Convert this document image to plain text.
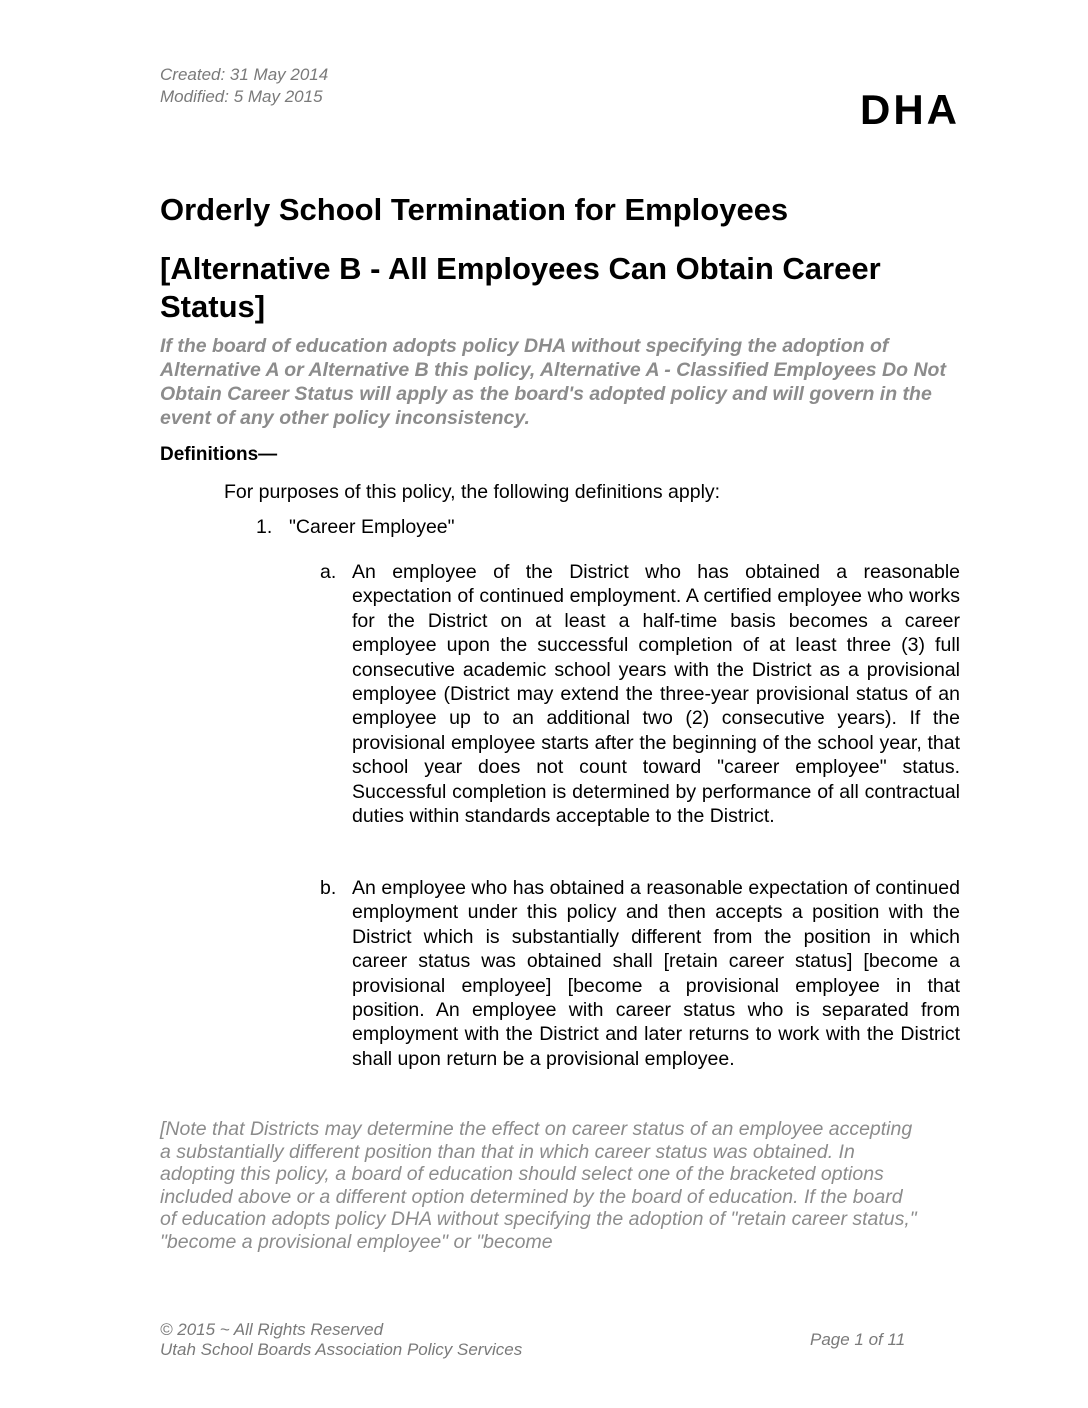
Created: 31 May 2014
Modified: 5 May 2015	DHA
Orderly School Termination for Employees
[Alternative B - All Employees Can Obtain Career Status]

If the board of education adopts policy DHA without specifying the adoption of Alternative A or Alternative B this policy, Alternative A - Classified Employees Do Not Obtain Career Status will apply as the board's adopted policy and will govern in the event of any other policy inconsistency.

Definitions—
For purposes of this policy, the following definitions apply:
1. "Career Employee"
a. An employee of the District who has obtained a reasonable expectation of continued employment. A certified employee who works for the District on at least a half-time basis becomes a career employee upon the successful completion of at least three (3) full consecutive academic school years with the District as a provisional employee (District may extend the three-year provisional status of an employee up to an additional two (2) consecutive years). If the provisional employee starts after the beginning of the school year, that school year does not count toward "career employee" status. Successful completion is determined by performance of all contractual duties within standards acceptable to the District.
b. An employee who has obtained a reasonable expectation of continued employment under this policy and then accepts a position with the District which is substantially different from the position in which career status was obtained shall [retain career status] [become a provisional employee] [become a provisional employee in that position. An employee with career status who is separated from employment with the District and later returns to work with the District shall upon return be a provisional employee.

[Note that Districts may determine the effect on career status of an employee accepting a substantially different position than that in which career status was obtained. In adopting this policy, a board of education should select one of the bracketed options included above or a different option determined by the board of education. If the board of education adopts policy DHA without specifying the adoption of "retain career status," "become a provisional employee" or "become

© 2015 ~ All Rights Reserved
Utah School Boards Association Policy Services
Page 1 of 11
